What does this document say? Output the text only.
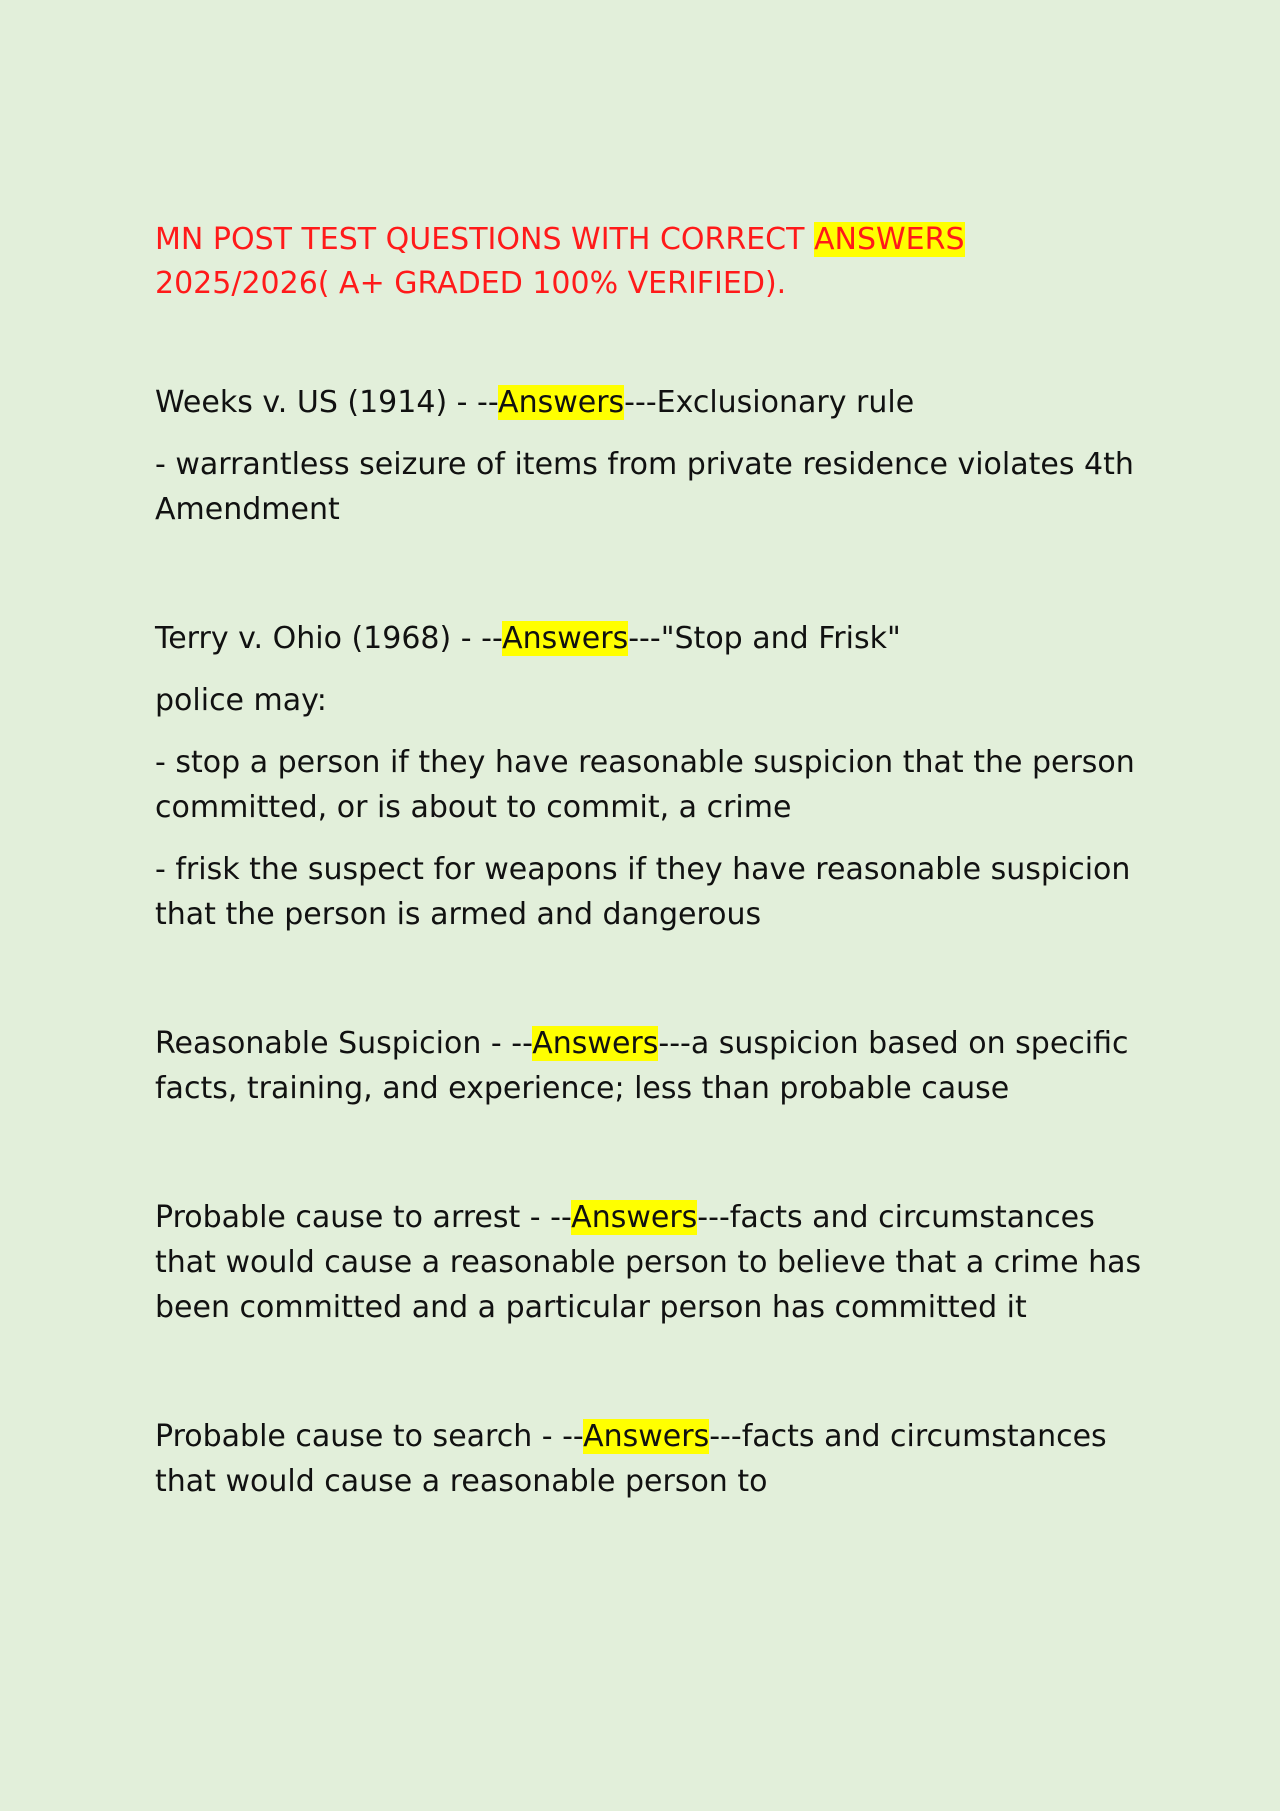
MN POST TEST QUESTIONS WITH CORRECT ANSWERS
2025/2026( A+ GRADED 100% VERIFIED).
Weeks v. US (1914) - --Answers---Exclusionary rule
- warrantless seizure of items from private residence violates 4th Amendment
Terry v. Ohio (1968) - --Answers---"Stop and Frisk"
police may:
- stop a person if they have reasonable suspicion that the person committed, or is about to commit, a crime
- frisk the suspect for weapons if they have reasonable suspicion that the person is armed and dangerous
Reasonable Suspicion - --Answers---a suspicion based on specific facts, training, and experience; less than probable cause
Probable cause to arrest - --Answers---facts and circumstances that would cause a reasonable person to believe that a crime has been committed and a particular person has committed it
Probable cause to search - --Answers---facts and circumstances that would cause a reasonable person to
